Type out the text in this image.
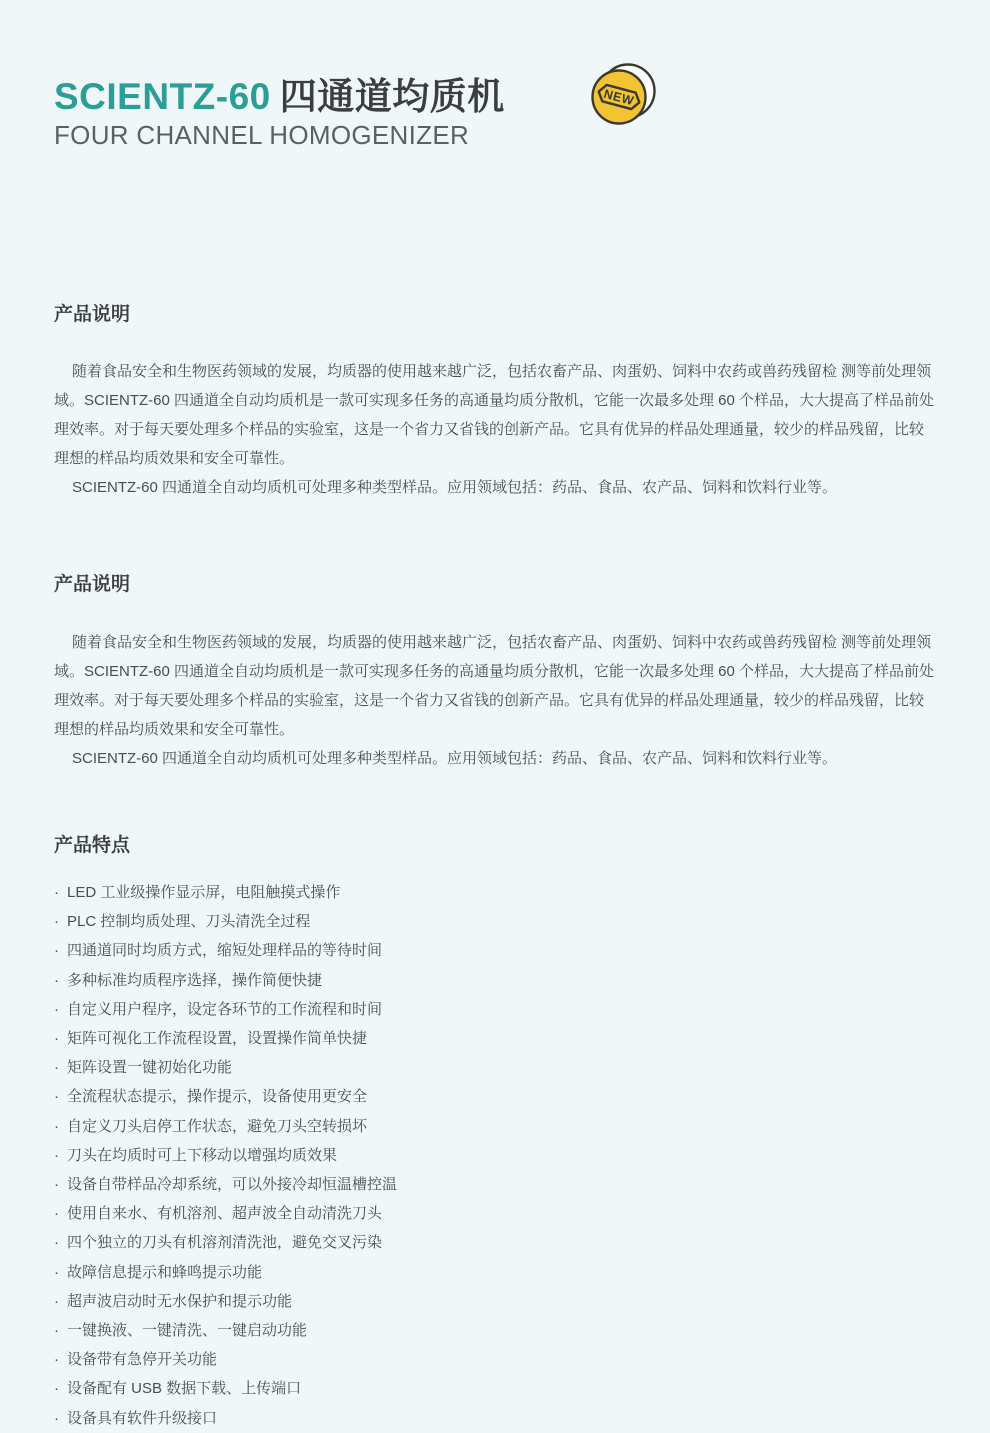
SCIENTZ-60 四通道均质机
FOUR CHANNEL HOMOGENIZER
NEW
产品说明

随着食品安全和生物医药领域的发展，均质器的使用越来越广泛，包括农畜产品、肉蛋奶、饲料中农药或兽药残留检 测等前处理领域。SCIENTZ-60 四通道全自动均质机是一款可实现多任务的高通量均质分散机，它能一次最多处理 60 个样品，大大提高了样品前处理效率。对于每天要处理多个样品的实验室，这是一个省力又省钱的创新产品。它具有优异的样品处理通量，较少的样品残留，比较理想的样品均质效果和安全可靠性。

SCIENTZ-60 四通道全自动均质机可处理多种类型样品。应用领域包括：药品、食品、农产品、饲料和饮料行业等。

产品说明

随着食品安全和生物医药领域的发展，均质器的使用越来越广泛，包括农畜产品、肉蛋奶、饲料中农药或兽药残留检 测等前处理领域。SCIENTZ-60 四通道全自动均质机是一款可实现多任务的高通量均质分散机，它能一次最多处理 60 个样品，大大提高了样品前处理效率。对于每天要处理多个样品的实验室，这是一个省力又省钱的创新产品。它具有优异的样品处理通量，较少的样品残留，比较理想的样品均质效果和安全可靠性。

SCIENTZ-60 四通道全自动均质机可处理多种类型样品。应用领域包括：药品、食品、农产品、饲料和饮料行业等。

产品特点
· LED 工业级操作显示屏，电阻触摸式操作
· PLC 控制均质处理、刀头清洗全过程
· 四通道同时均质方式，缩短处理样品的等待时间
· 多种标准均质程序选择，操作简便快捷
· 自定义用户程序，设定各环节的工作流程和时间
· 矩阵可视化工作流程设置，设置操作简单快捷
· 矩阵设置一键初始化功能
· 全流程状态提示，操作提示，设备使用更安全
· 自定义刀头启停工作状态，避免刀头空转损坏
· 刀头在均质时可上下移动以增强均质效果
· 设备自带样品冷却系统，可以外接冷却恒温槽控温
· 使用自来水、有机溶剂、超声波全自动清洗刀头
· 四个独立的刀头有机溶剂清洗池，避免交叉污染
· 故障信息提示和蜂鸣提示功能
· 超声波启动时无水保护和提示功能
· 一键换液、一键清洗、一键启动功能
· 设备带有急停开关功能
· 设备配有 USB 数据下载、上传端口
· 设备具有软件升级接口
